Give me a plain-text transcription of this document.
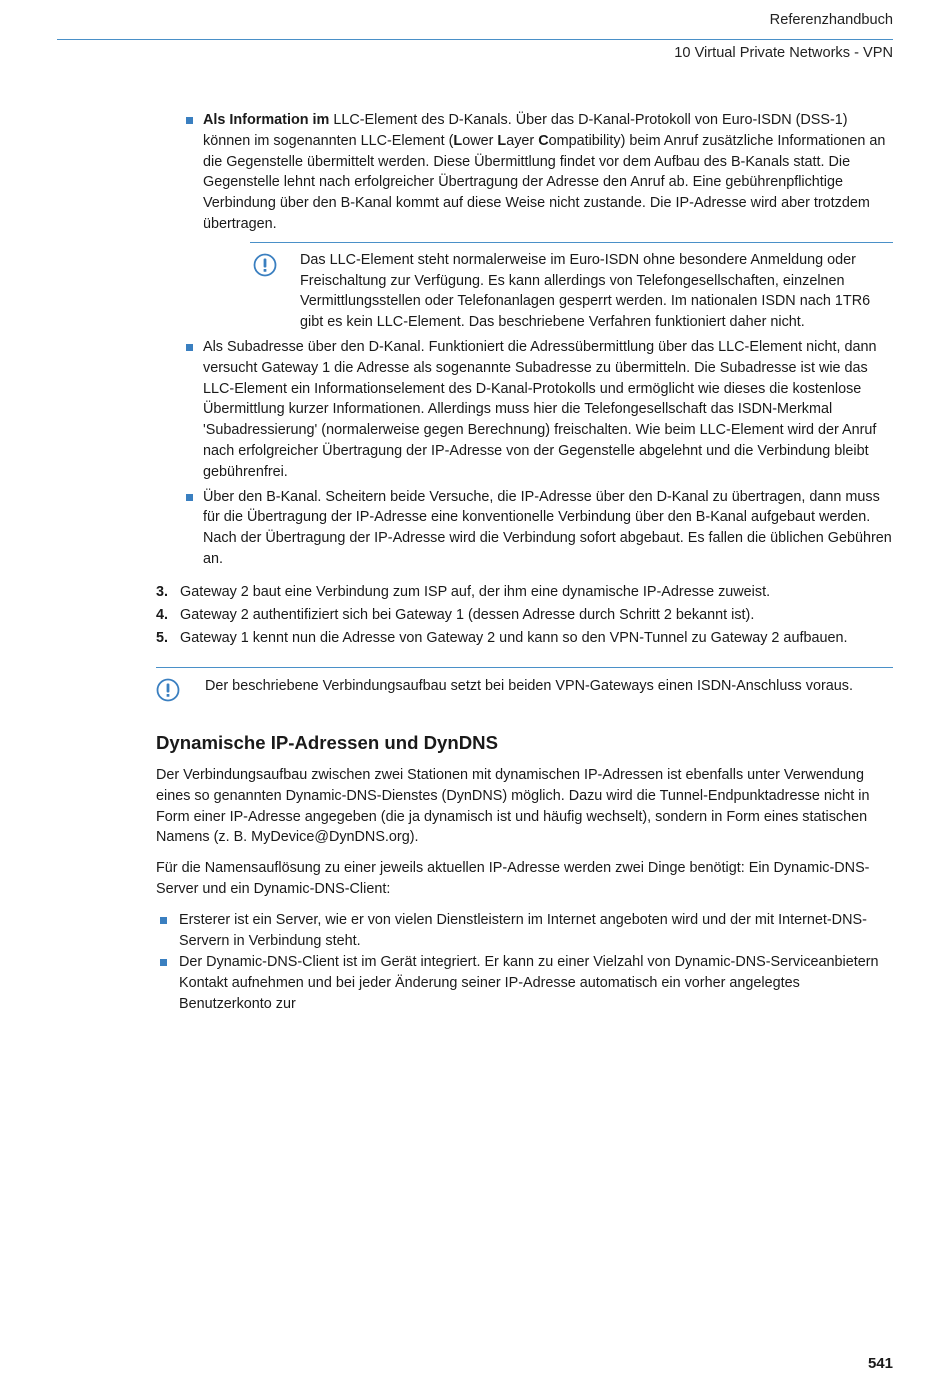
Referenzhandbuch
10 Virtual Private Networks - VPN
Als Information im LLC-Element des D-Kanals. Über das D-Kanal-Protokoll von Euro-ISDN (DSS-1) können im sogenannten LLC-Element (Lower Layer Compatibility) beim Anruf zusätzliche Informationen an die Gegenstelle übermittelt werden. Diese Übermittlung findet vor dem Aufbau des B-Kanals statt. Die Gegenstelle lehnt nach erfolgreicher Übertragung der Adresse den Anruf ab. Eine gebührenpflichtige Verbindung über den B-Kanal kommt auf diese Weise nicht zustande. Die IP-Adresse wird aber trotzdem übertragen.
Das LLC-Element steht normalerweise im Euro-ISDN ohne besondere Anmeldung oder Freischaltung zur Verfügung. Es kann allerdings von Telefongesellschaften, einzelnen Vermittlungsstellen oder Telefonanlagen gesperrt werden. Im nationalen ISDN nach 1TR6 gibt es kein LLC-Element. Das beschriebene Verfahren funktioniert daher nicht.
Als Subadresse über den D-Kanal. Funktioniert die Adressübermittlung über das LLC-Element nicht, dann versucht Gateway 1 die Adresse als sogenannte Subadresse zu übermitteln. Die Subadresse ist wie das LLC-Element ein Informationselement des D-Kanal-Protokolls und ermöglicht wie dieses die kostenlose Übermittlung kurzer Informationen. Allerdings muss hier die Telefongesellschaft das ISDN-Merkmal 'Subadressierung' (normalerweise gegen Berechnung) freischalten. Wie beim LLC-Element wird der Anruf nach erfolgreicher Übertragung der IP-Adresse von der Gegenstelle abgelehnt und die Verbindung bleibt gebührenfrei.
Über den B-Kanal. Scheitern beide Versuche, die IP-Adresse über den D-Kanal zu übertragen, dann muss für die Übertragung der IP-Adresse eine konventionelle Verbindung über den B-Kanal aufgebaut werden. Nach der Übertragung der IP-Adresse wird die Verbindung sofort abgebaut. Es fallen die üblichen Gebühren an.
3. Gateway 2 baut eine Verbindung zum ISP auf, der ihm eine dynamische IP-Adresse zuweist.
4. Gateway 2 authentifiziert sich bei Gateway 1 (dessen Adresse durch Schritt 2 bekannt ist).
5. Gateway 1 kennt nun die Adresse von Gateway 2 und kann so den VPN-Tunnel zu Gateway 2 aufbauen.
Der beschriebene Verbindungsaufbau setzt bei beiden VPN-Gateways einen ISDN-Anschluss voraus.
Dynamische IP-Adressen und DynDNS

Der Verbindungsaufbau zwischen zwei Stationen mit dynamischen IP-Adressen ist ebenfalls unter Verwendung eines so genannten Dynamic-DNS-Dienstes (DynDNS) möglich. Dazu wird die Tunnel-Endpunktadresse nicht in Form einer IP-Adresse angegeben (die ja dynamisch ist und häufig wechselt), sondern in Form eines statischen Namens (z. B. MyDevice@DynDNS.org).

Für die Namensauflösung zu einer jeweils aktuellen IP-Adresse werden zwei Dinge benötigt: Ein Dynamic-DNS-Server und ein Dynamic-DNS-Client:

Ersterer ist ein Server, wie er von vielen Dienstleistern im Internet angeboten wird und der mit Internet-DNS-Servern in Verbindung steht.
Der Dynamic-DNS-Client ist im Gerät integriert. Er kann zu einer Vielzahl von Dynamic-DNS-Serviceanbietern Kontakt aufnehmen und bei jeder Änderung seiner IP-Adresse automatisch ein vorher angelegtes Benutzerkonto zur
541
